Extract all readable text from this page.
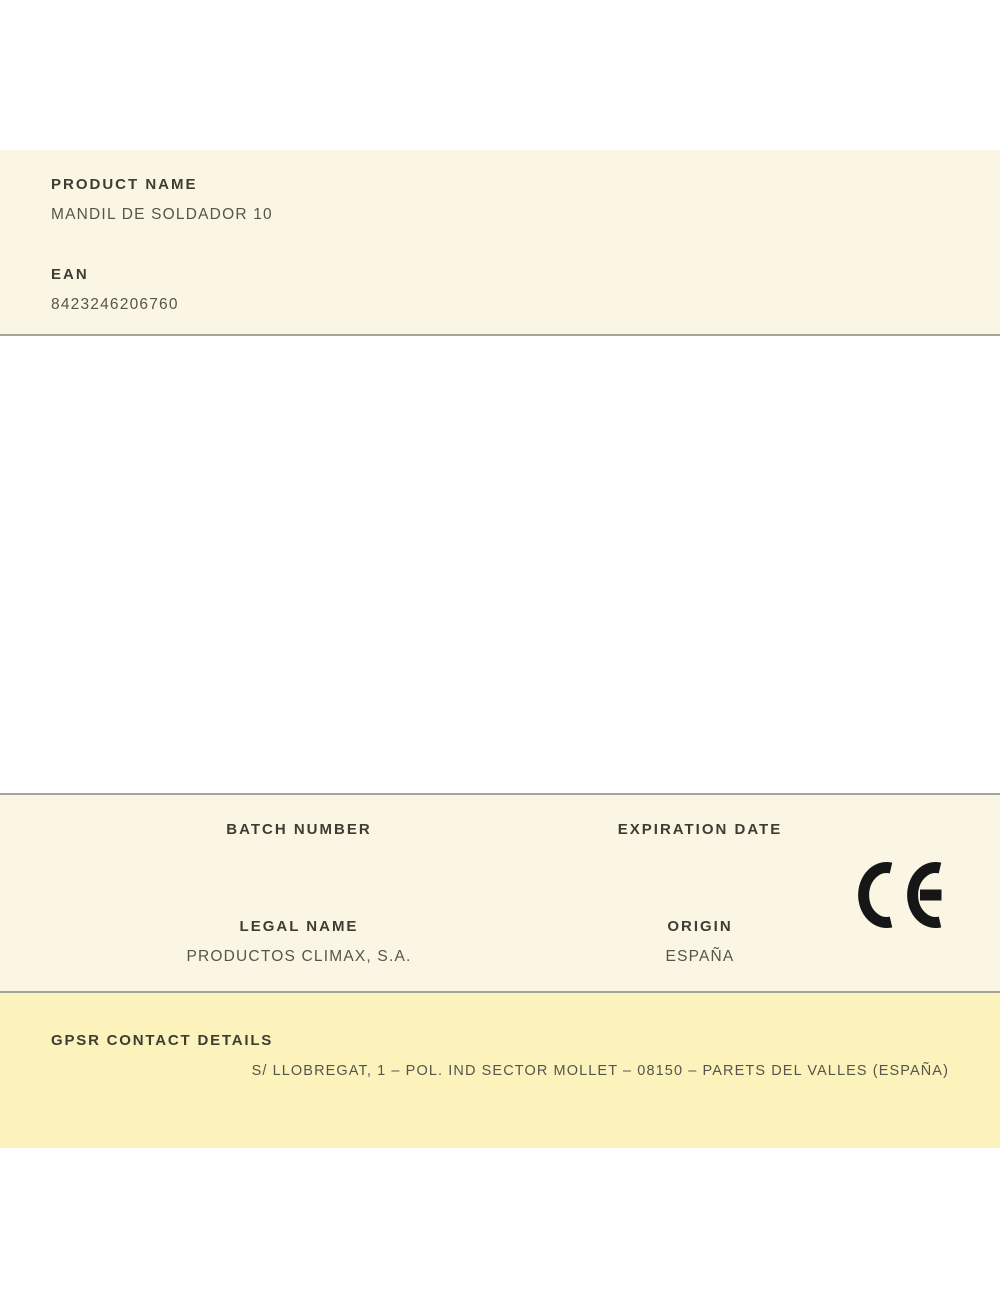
PRODUCT NAME
MANDIL DE SOLDADOR 10
EAN
8423246206760
BATCH NUMBER	EXPIRATION DATE
LEGAL NAME
PRODUCTOS CLIMAX, S.A.
ORIGIN
ESPAÑA
GPSR CONTACT DETAILS
S/ LLOBREGAT, 1 – POL. IND SECTOR MOLLET – 08150 – PARETS DEL VALLES (ESPAÑA)
